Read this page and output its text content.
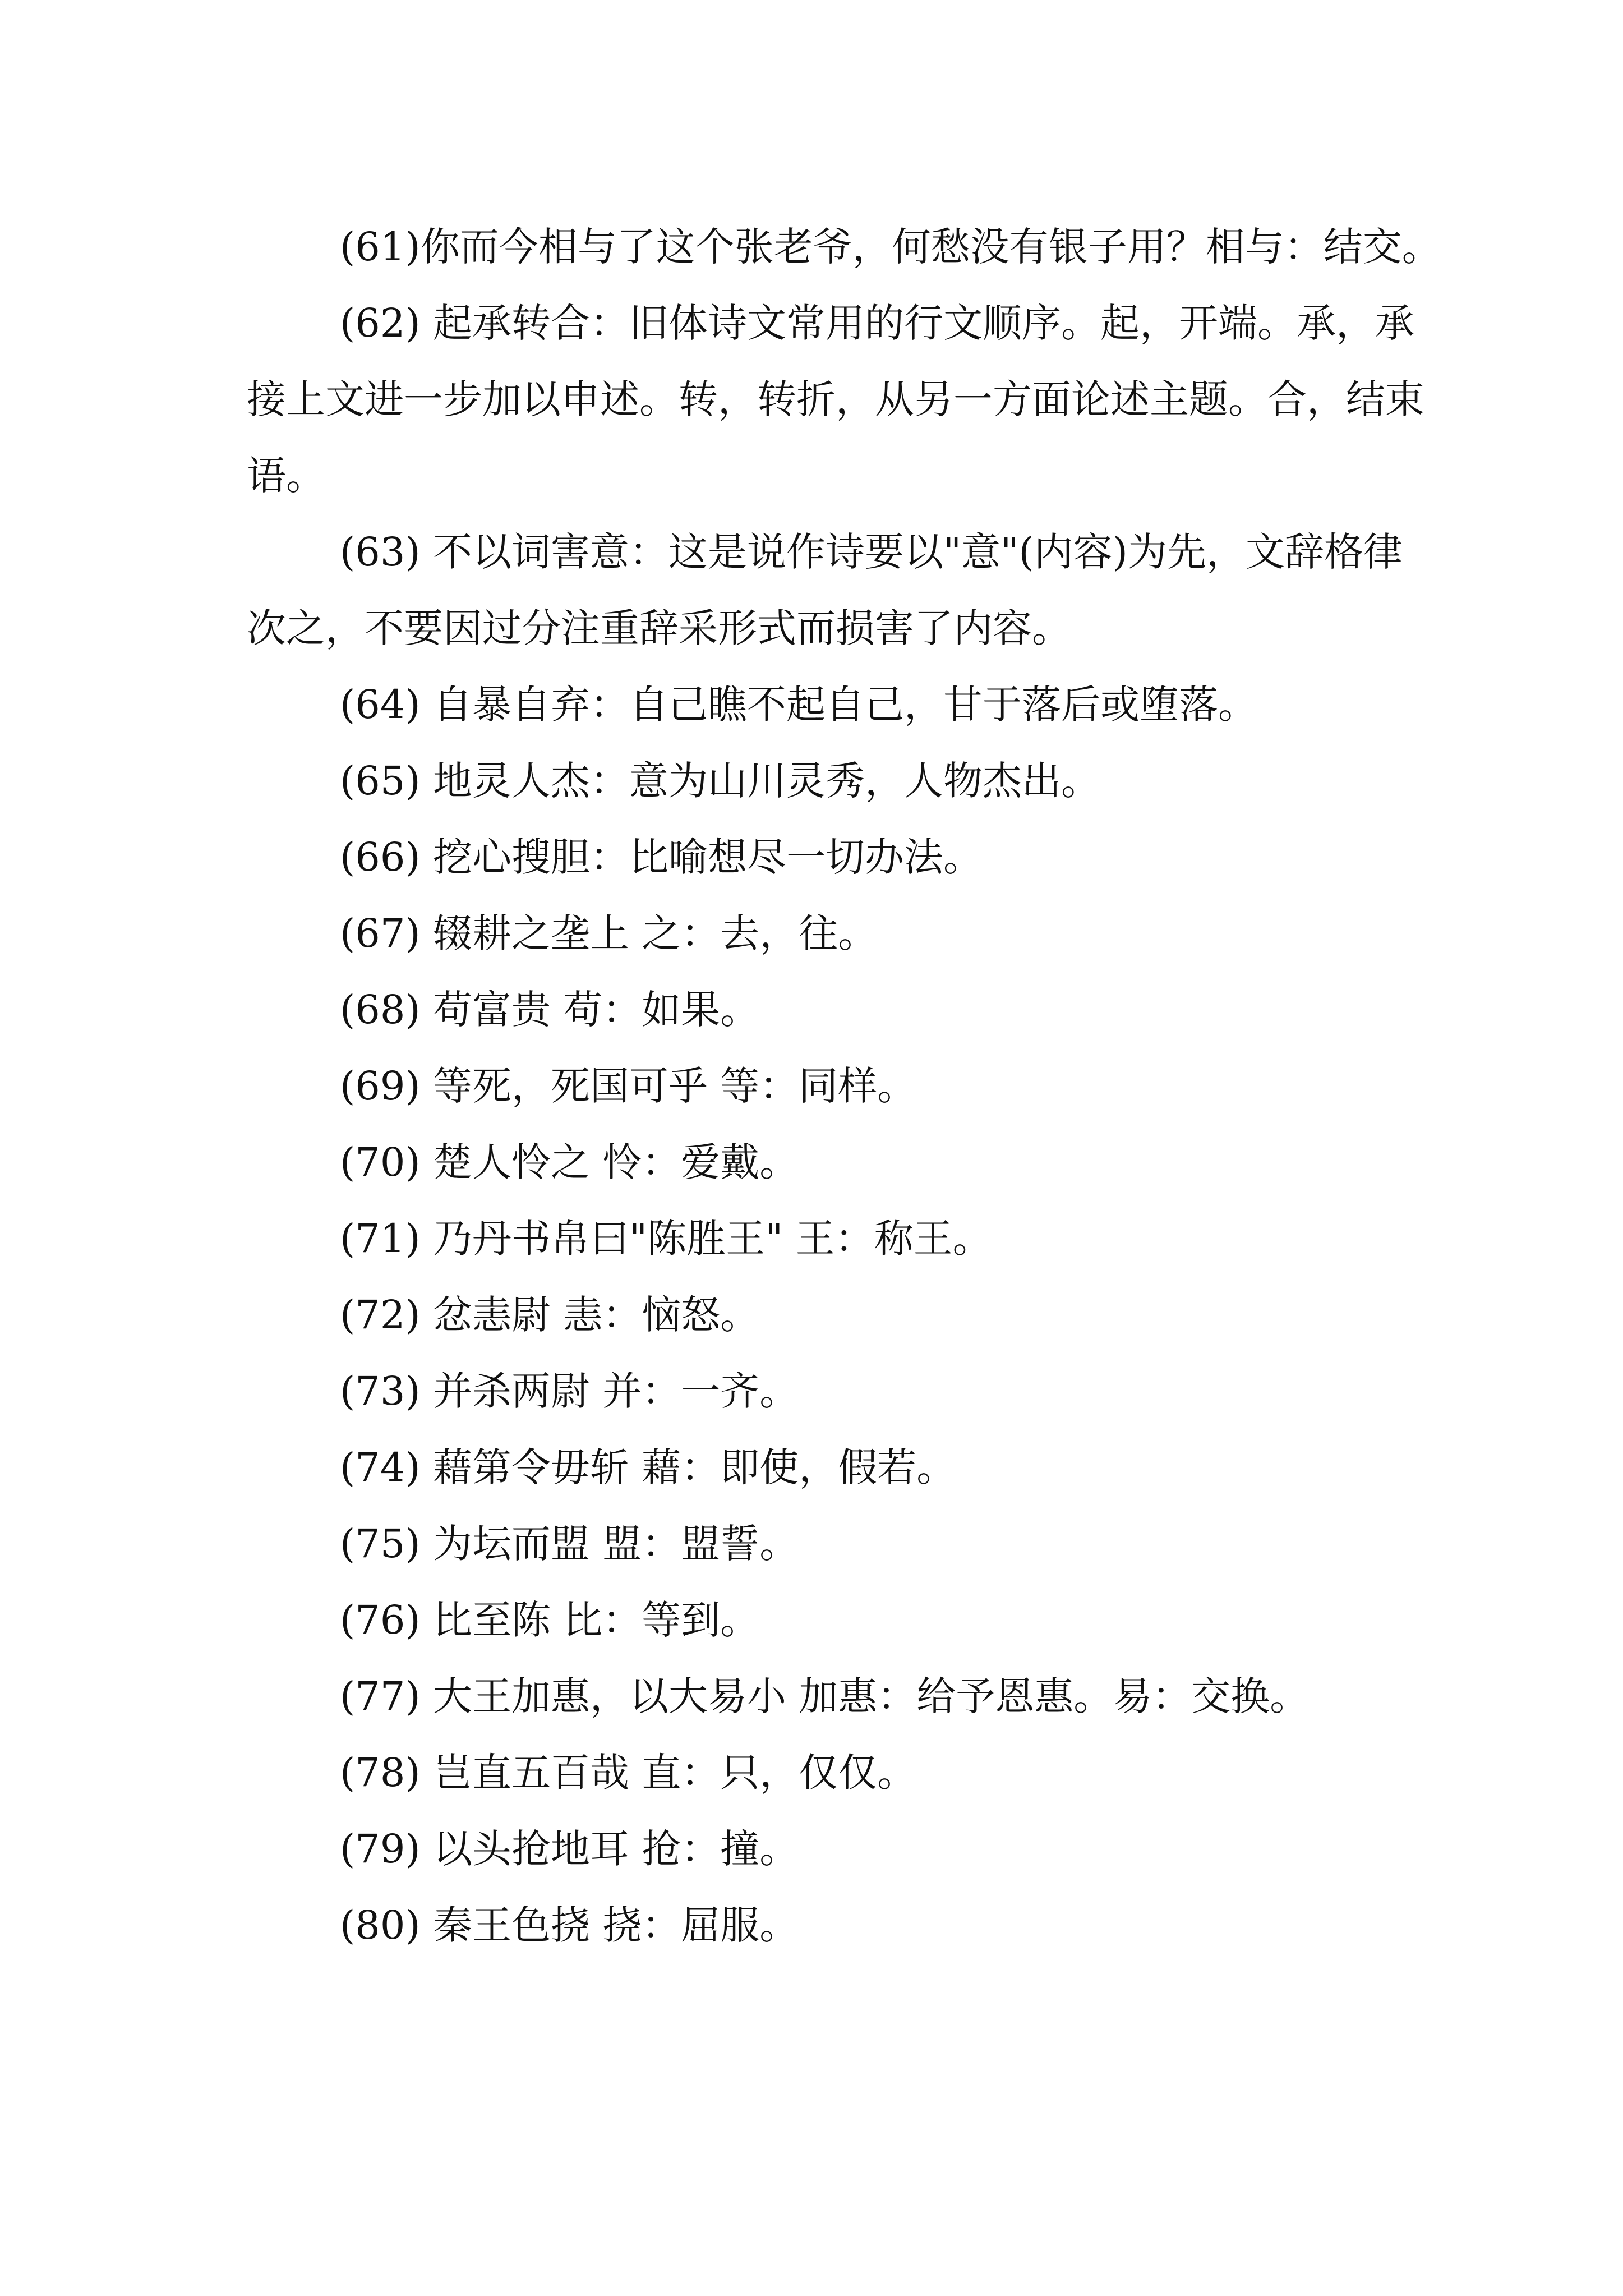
(61)你而今相与了这个张老爷，何愁没有银子用？相与：结交。

(62) 起承转合：旧体诗文常用的行文顺序。起，开端。承，承接上文进一步加以申述。转，转折，从另一方面论述主题。合，结束语。

(63) 不以词害意：这是说作诗要以"意"(内容)为先，文辞格律次之，不要因过分注重辞采形式而损害了内容。

(64) 自暴自弃：自己瞧不起自己，甘于落后或堕落。

(65) 地灵人杰：意为山川灵秀，人物杰出。

(66) 挖心搜胆：比喻想尽一切办法。

(67) 辍耕之垄上 之：去，往。

(68) 苟富贵 苟：如果。

(69) 等死，死国可乎 等：同样。

(70) 楚人怜之 怜：爱戴。

(71) 乃丹书帛曰"陈胜王" 王：称王。

(72) 忿恚尉 恚：恼怒。

(73) 并杀两尉 并：一齐。

(74) 藉第令毋斩 藉：即使，假若。

(75) 为坛而盟 盟：盟誓。

(76) 比至陈 比：等到。

(77) 大王加惠，以大易小 加惠：给予恩惠。易：交换。

(78) 岂直五百哉 直：只，仅仅。

(79) 以头抢地耳 抢：撞。

(80) 秦王色挠 挠：屈服。
